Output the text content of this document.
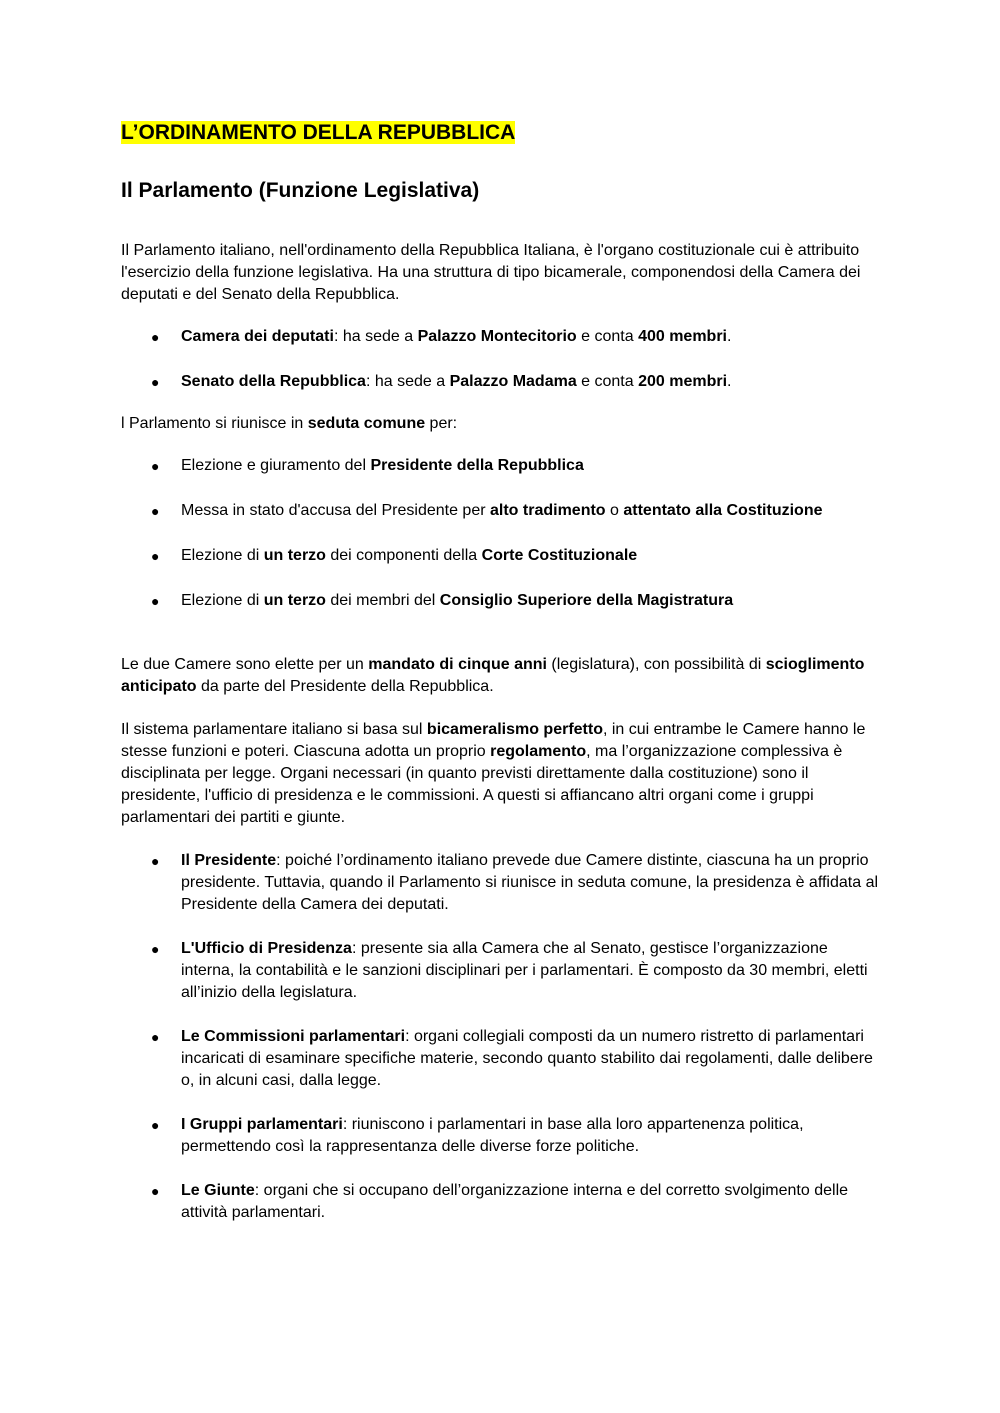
L’ORDINAMENTO DELLA REPUBBLICA
Il Parlamento (Funzione Legislativa)

Il Parlamento italiano, nell'ordinamento della Repubblica Italiana, è l'organo costituzionale cui è attribuito l'esercizio della funzione legislativa. Ha una struttura di tipo bicamerale, componendosi della Camera dei deputati e del Senato della Repubblica.

● Camera dei deputati: ha sede a Palazzo Montecitorio e conta 400 membri.
● Senato della Repubblica: ha sede a Palazzo Madama e conta 200 membri.

l Parlamento si riunisce in seduta comune per:

● Elezione e giuramento del Presidente della Repubblica
● Messa in stato d'accusa del Presidente per alto tradimento o attentato alla Costituzione
● Elezione di un terzo dei componenti della Corte Costituzionale
● Elezione di un terzo dei membri del Consiglio Superiore della Magistratura

Le due Camere sono elette per un mandato di cinque anni (legislatura), con possibilità di scioglimento anticipato da parte del Presidente della Repubblica.

Il sistema parlamentare italiano si basa sul bicameralismo perfetto, in cui entrambe le Camere hanno le stesse funzioni e poteri. Ciascuna adotta un proprio regolamento, ma l’organizzazione complessiva è disciplinata per legge. Organi necessari (in quanto previsti direttamente dalla costituzione) sono il presidente, l'ufficio di presidenza e le commissioni. A questi si affiancano altri organi come i gruppi parlamentari dei partiti e giunte.

● Il Presidente: poiché l’ordinamento italiano prevede due Camere distinte, ciascuna ha un proprio presidente. Tuttavia, quando il Parlamento si riunisce in seduta comune, la presidenza è affidata al Presidente della Camera dei deputati.
● L'Ufficio di Presidenza: presente sia alla Camera che al Senato, gestisce l’organizzazione interna, la contabilità e le sanzioni disciplinari per i parlamentari. È composto da 30 membri, eletti all’inizio della legislatura.
● Le Commissioni parlamentari: organi collegiali composti da un numero ristretto di parlamentari incaricati di esaminare specifiche materie, secondo quanto stabilito dai regolamenti, dalle delibere o, in alcuni casi, dalla legge.
● I Gruppi parlamentari: riuniscono i parlamentari in base alla loro appartenenza politica, permettendo così la rappresentanza delle diverse forze politiche.
● Le Giunte: organi che si occupano dell’organizzazione interna e del corretto svolgimento delle attività parlamentari.
